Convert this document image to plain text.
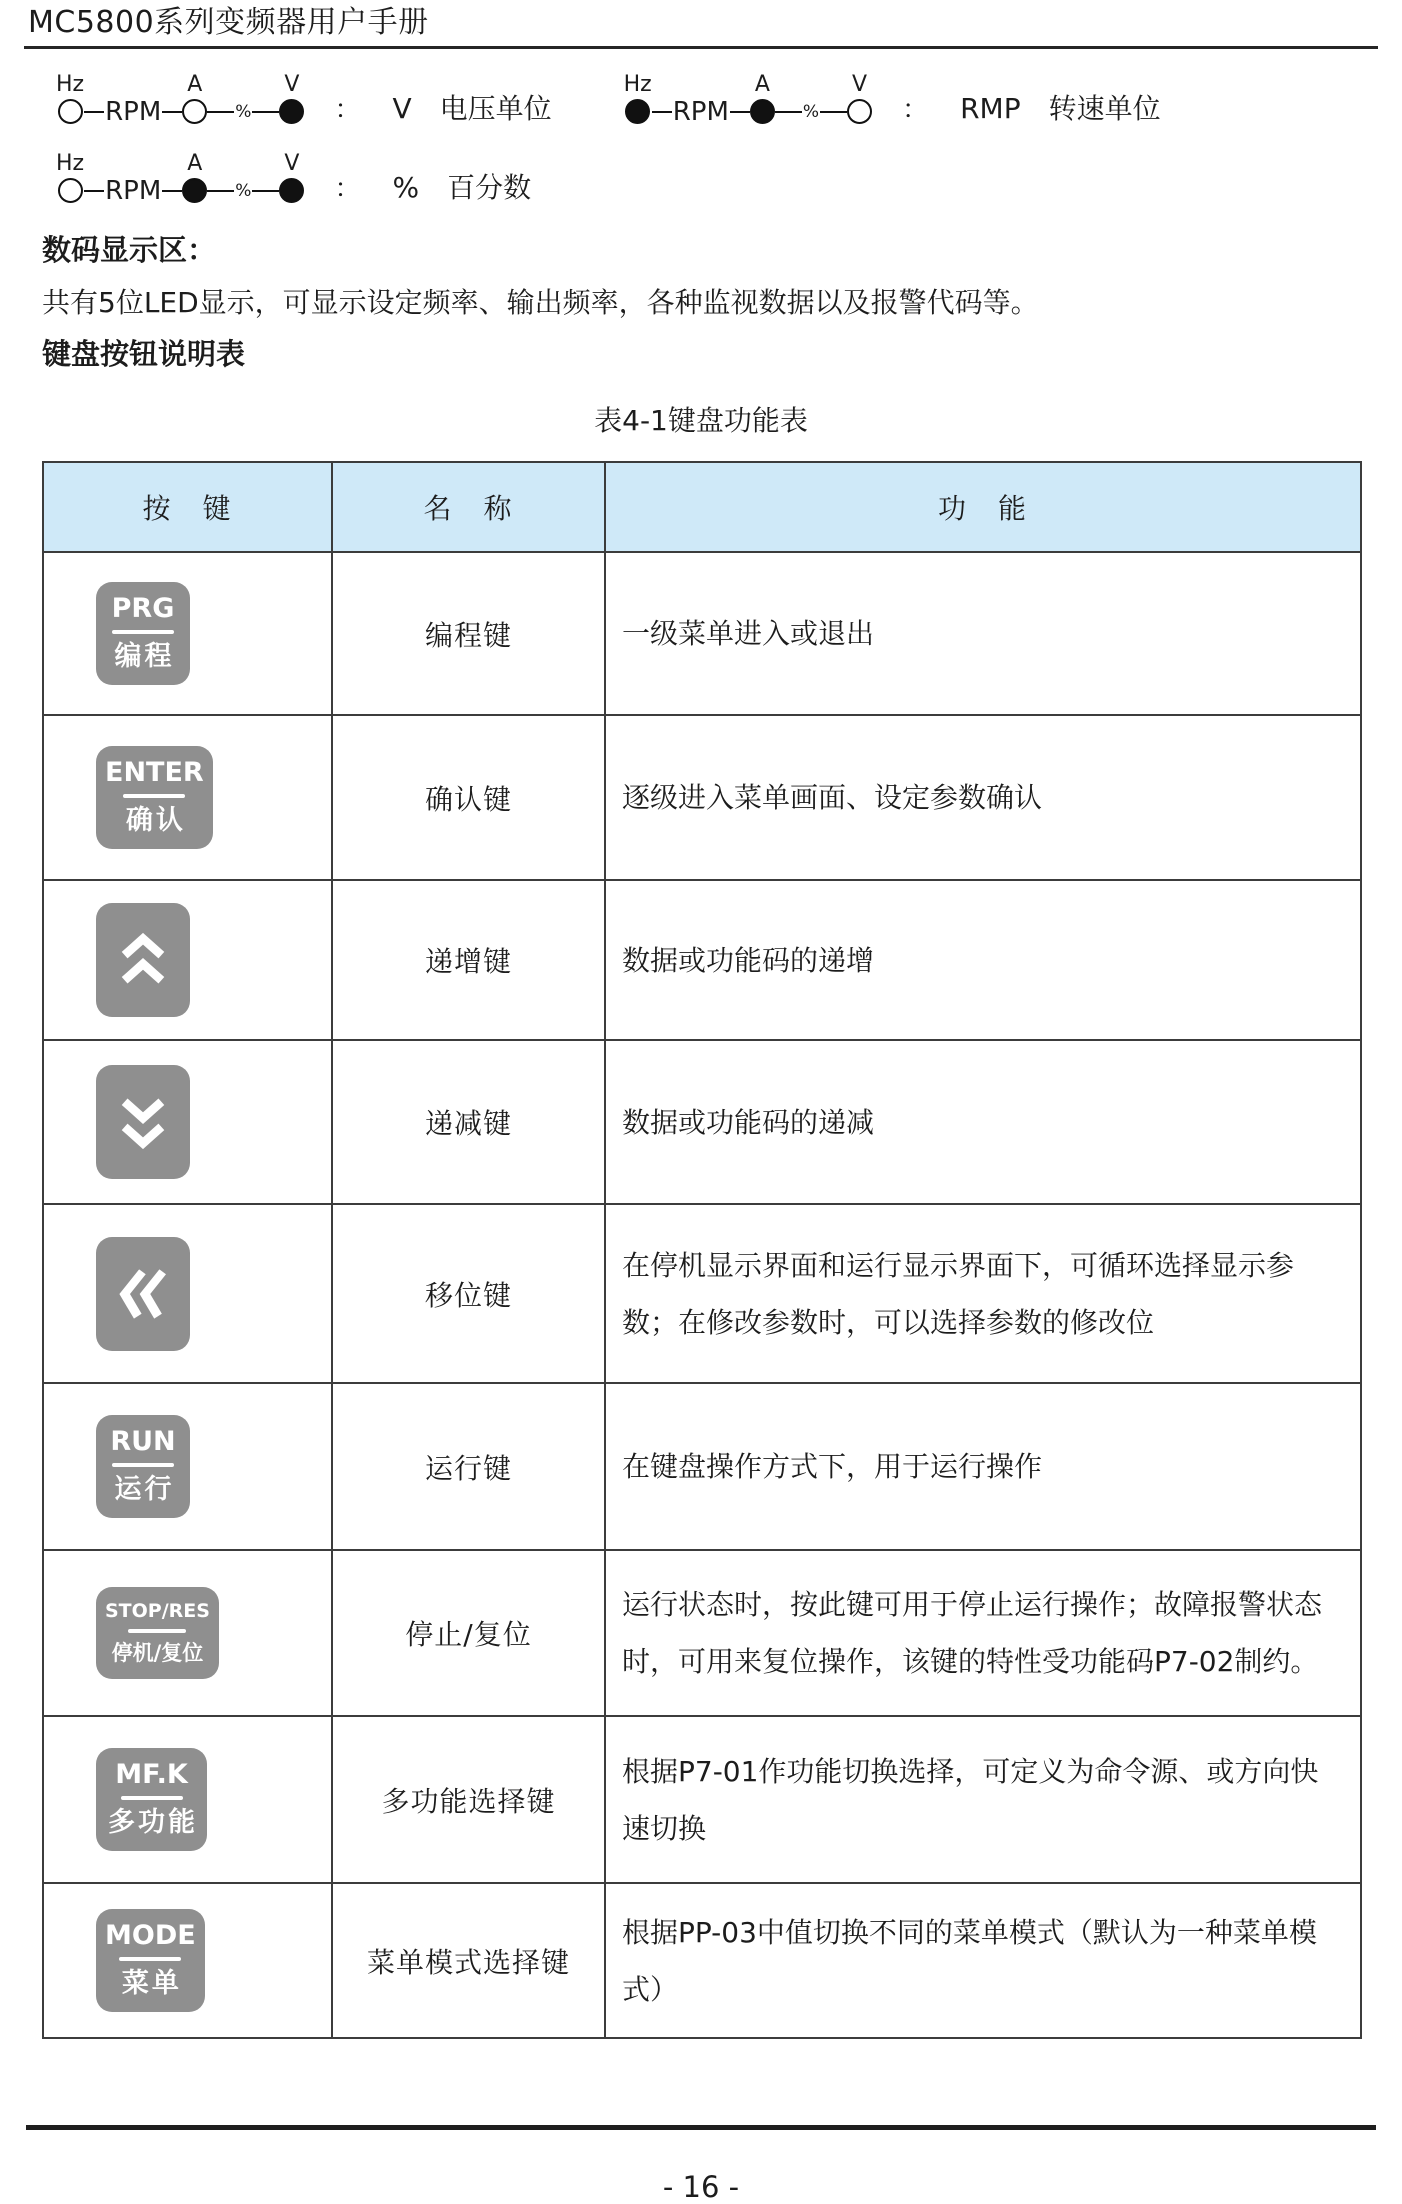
MC5800系列变频器用户手册
Hz
RPM
A
%
V
： V 电压单位
Hz
RPM
A
%
V
： RMP 转速单位
Hz
RPM
A
%
V
： % 百分数
数码显示区：
共有5位LED显示，可显示设定频率、输出频率，各种监视数据以及报警代码等。
键盘按钮说明表
表4-1键盘功能表
按　键	名　称	功　能

PRG
编程	编程键	一级菜单进入或退出

ENTER
确认	确认键	逐级进入菜单画面、设定参数确认

	递增键	数据或功能码的递增

	递减键	数据或功能码的递减

	移位键	在停机显示界面和运行显示界面下，可循环选择显示参数；在修改参数时，可以选择参数的修改位

RUN
运行	运行键	在键盘操作方式下，用于运行操作

STOP/RES
停机/复位	停止/复位	运行状态时，按此键可用于停止运行操作；故障报警状态时，可用来复位操作，该键的特性受功能码P7-02制约。

MF.K
多功能	多功能选择键	根据P7-01作功能切换选择，可定义为命令源、或方向快速切换

MODE
菜单	菜单模式选择键	根据PP-03中值切换不同的菜单模式（默认为一种菜单模式）
- 16 -
